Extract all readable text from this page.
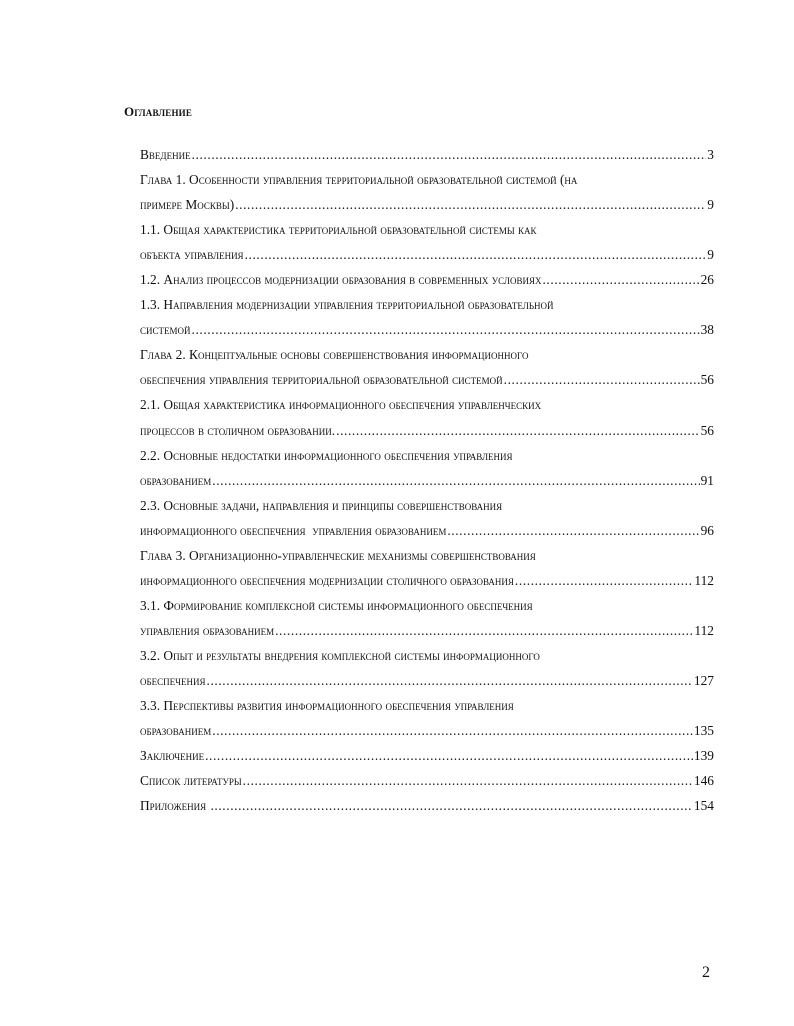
Оглавление
Введение .....	3
Глава 1. Особенности управления территориальной образовательной системой (на
примере Москвы) .....	9
1.1. Общая характеристика территориальной образовательной системы как
объекта управления .....	9
1.2. Анализ процессов модернизации образования в современных условиях .....	26
1.3. Направления модернизации управления территориальной образовательной
системой .....	38
Глава 2. Концептуальные основы совершенствования информационного
обеспечения управления территориальной образовательной системой .....	56
2.1. Общая характеристика информационного обеспечения управленческих
процессов в столичном образовании. .....	56
2.2. Основные недостатки информационного обеспечения управления
образованием .....	91
2.3. Основные задачи, направления и принципы совершенствования
информационного обеспечения  управления образованием .....	96
Глава 3. Организационно-управленческие механизмы совершенствования
информационного обеспечения модернизации столичного образования .....	112
3.1. Формирование комплексной системы информационного обеспечения
управления образованием .....	112
3.2. Опыт и результаты внедрения комплексной системы информационного
обеспечения .....	127
3.3. Перспективы развития информационного обеспечения управления
образованием .....	135
Заключение .....	139
Список литературы .....	146
Приложения .....	154
2
